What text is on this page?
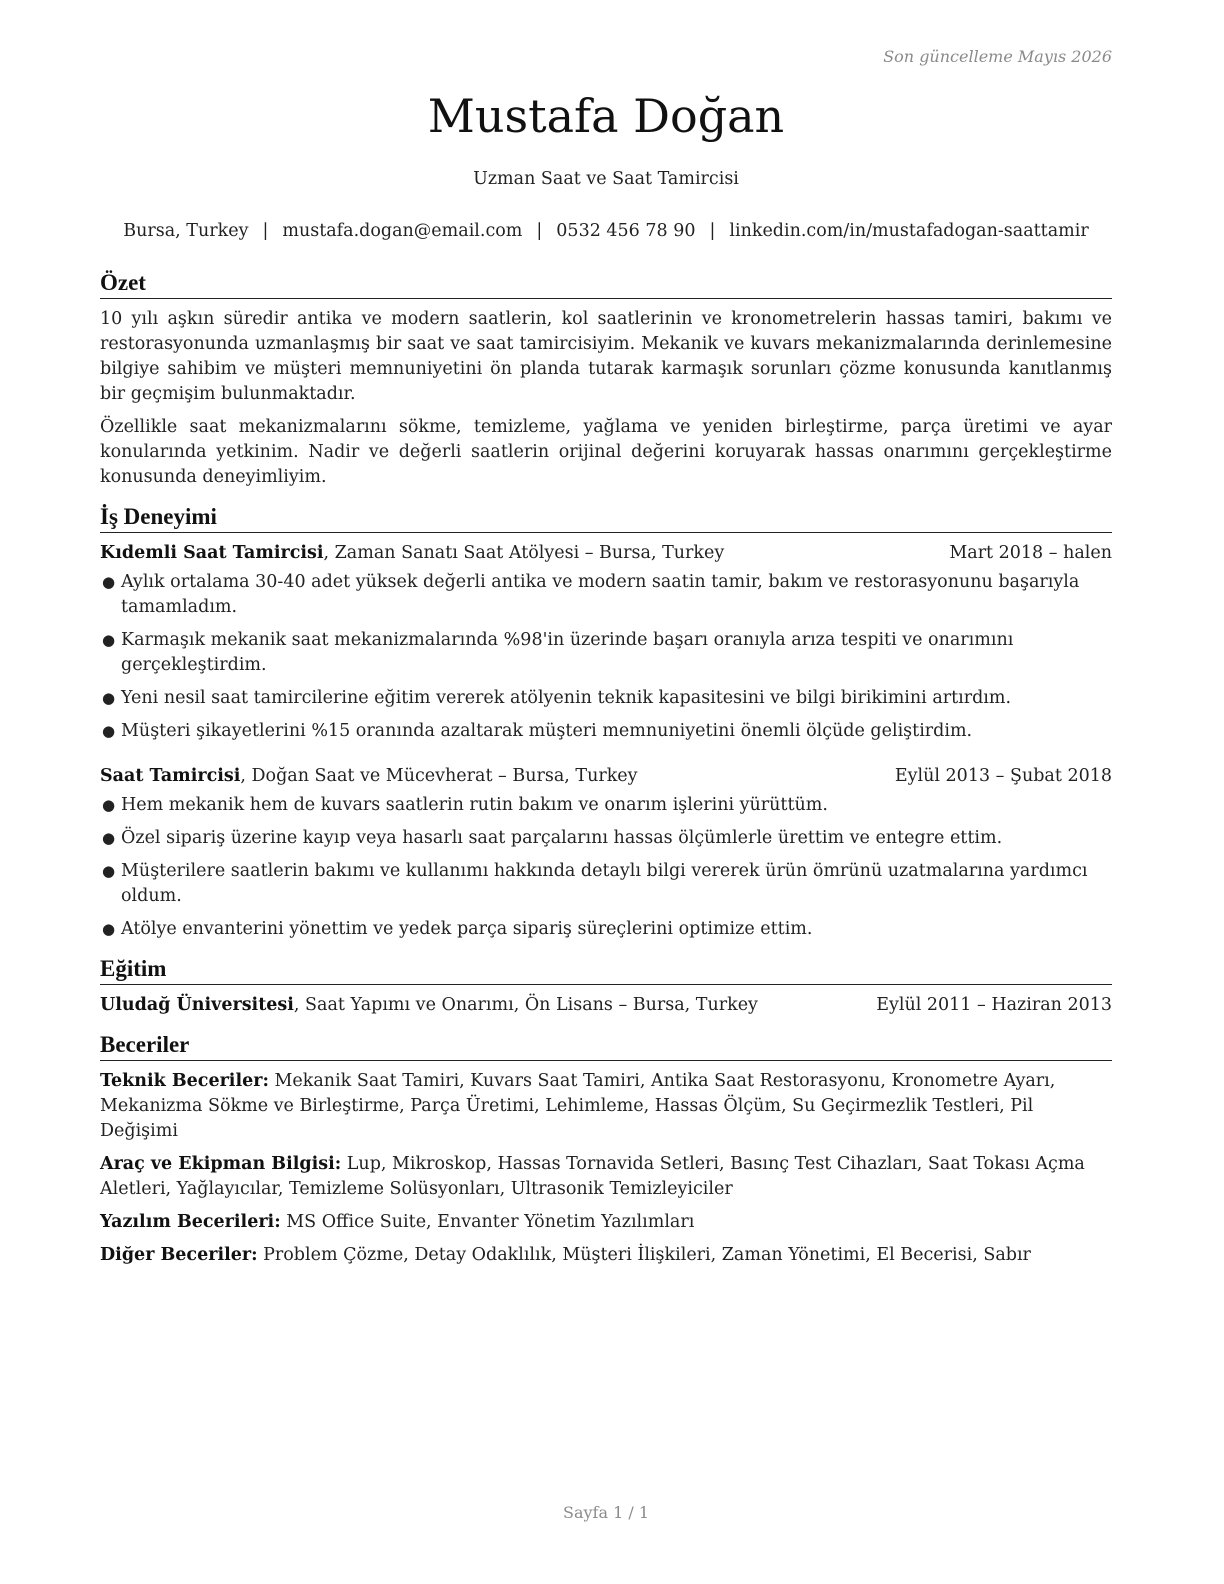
Son güncelleme Mayıs 2026
Mustafa Doğan
Uzman Saat ve Saat Tamircisi
Bursa, Turkey | mustafa.dogan@email.com | 0532 456 78 90 | linkedin.com/in/mustafadogan-saattamir
Özet

10 yılı aşkın süredir antika ve modern saatlerin, kol saatlerinin ve kronometrelerin hassas tamiri, bakımı ve restorasyonunda uzmanlaşmış bir saat ve saat tamircisiyim. Mekanik ve kuvars mekanizmalarında derinlemesine bilgiye sahibim ve müşteri memnuniyetini ön planda tutarak karmaşık sorunları çözme konusunda kanıtlanmış bir geçmişim bulunmaktadır.

Özellikle saat mekanizmalarını sökme, temizleme, yağlama ve yeniden birleştirme, parça üretimi ve ayar konularında yetkinim. Nadir ve değerli saatlerin orijinal değerini koruyarak hassas onarımını gerçekleştirme konusunda deneyimliyim.

İş Deneyimi
Kıdemli Saat Tamircisi, Zaman Sanatı Saat Atölyesi – Bursa, Turkey	Mart 2018 – halen
● Aylık ortalama 30-40 adet yüksek değerli antika ve modern saatin tamir, bakım ve restorasyonunu başarıyla tamamladım.
● Karmaşık mekanik saat mekanizmalarında %98'in üzerinde başarı oranıyla arıza tespiti ve onarımını gerçekleştirdim.
● Yeni nesil saat tamircilerine eğitim vererek atölyenin teknik kapasitesini ve bilgi birikimini artırdım.
● Müşteri şikayetlerini %15 oranında azaltarak müşteri memnuniyetini önemli ölçüde geliştirdim.
Saat Tamircisi, Doğan Saat ve Mücevherat – Bursa, Turkey	Eylül 2013 – Şubat 2018
● Hem mekanik hem de kuvars saatlerin rutin bakım ve onarım işlerini yürüttüm.
● Özel sipariş üzerine kayıp veya hasarlı saat parçalarını hassas ölçümlerle ürettim ve entegre ettim.
● Müşterilere saatlerin bakımı ve kullanımı hakkında detaylı bilgi vererek ürün ömrünü uzatmalarına yardımcı oldum.
● Atölye envanterini yönettim ve yedek parça sipariş süreçlerini optimize ettim.
Eğitim
Uludağ Üniversitesi, Saat Yapımı ve Onarımı, Ön Lisans – Bursa, Turkey	Eylül 2011 – Haziran 2013
Beceriler
Teknik Beceriler: Mekanik Saat Tamiri, Kuvars Saat Tamiri, Antika Saat Restorasyonu, Kronometre Ayarı, Mekanizma Sökme ve Birleştirme, Parça Üretimi, Lehimleme, Hassas Ölçüm, Su Geçirmezlik Testleri, Pil Değişimi
Araç ve Ekipman Bilgisi: Lup, Mikroskop, Hassas Tornavida Setleri, Basınç Test Cihazları, Saat Tokası Açma Aletleri, Yağlayıcılar, Temizleme Solüsyonları, Ultrasonik Temizleyiciler
Yazılım Becerileri: MS Office Suite, Envanter Yönetim Yazılımları
Diğer Beceriler: Problem Çözme, Detay Odaklılık, Müşteri İlişkileri, Zaman Yönetimi, El Becerisi, Sabır
Sayfa 1 / 1
